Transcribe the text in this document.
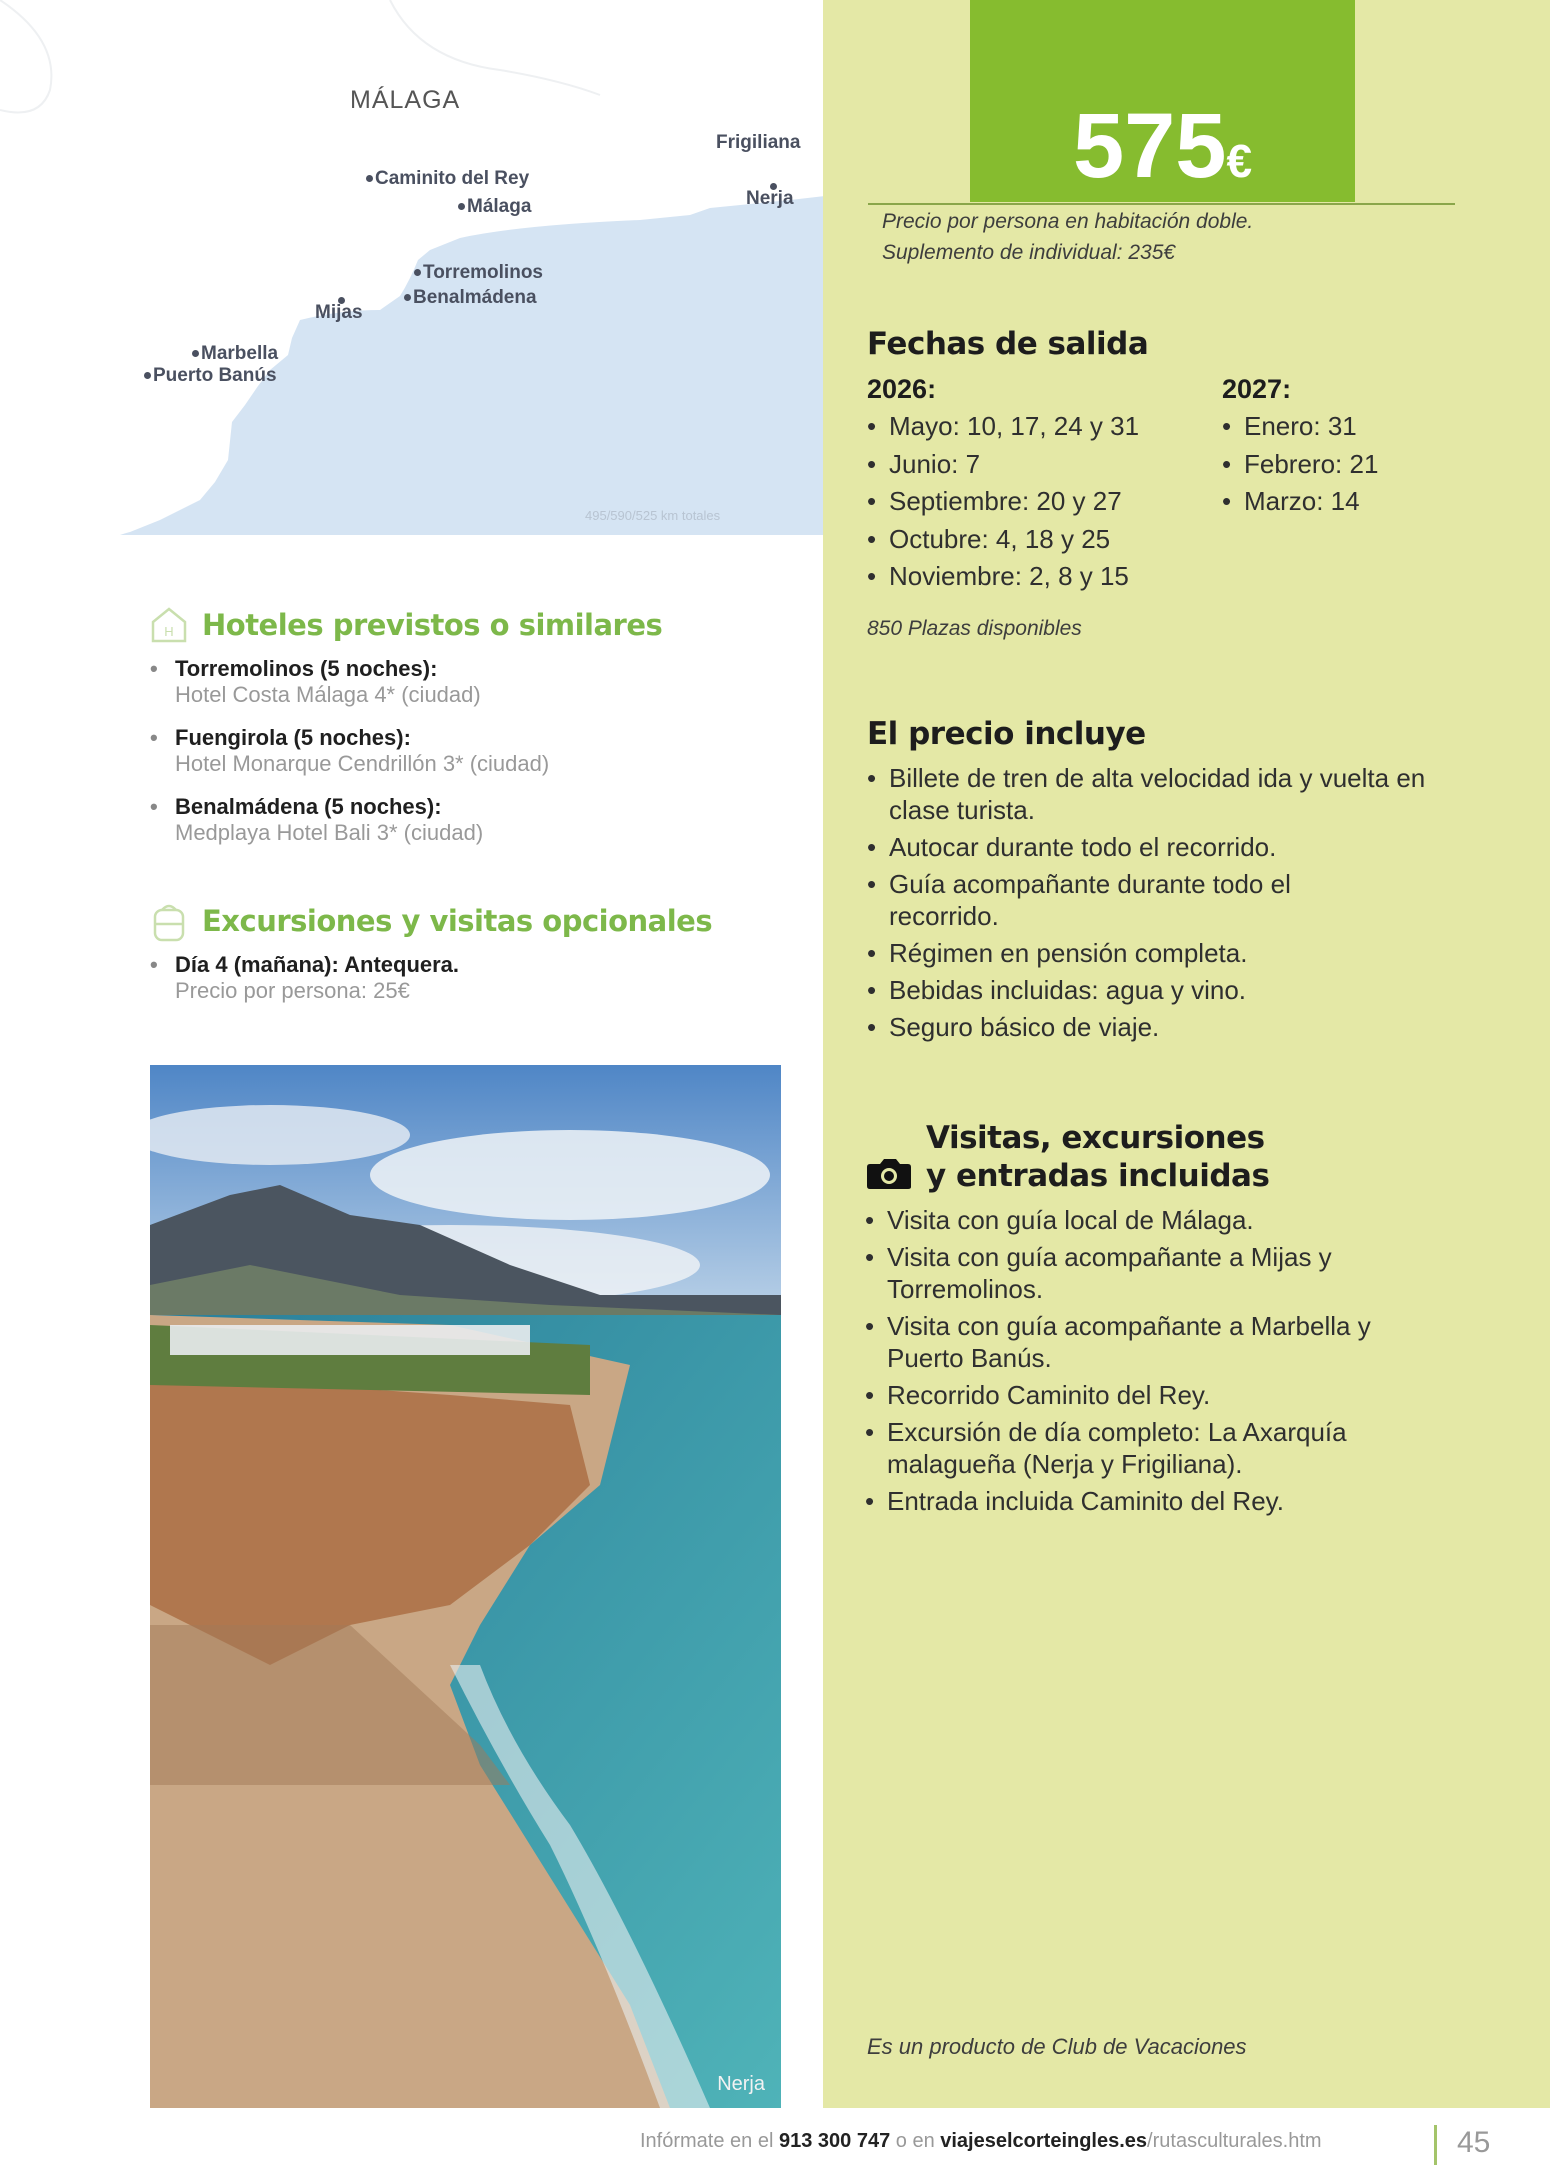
MÁLAGA
Frigiliana
Caminito del Rey
Nerja
Málaga
Torremolinos
Benalmádena
Mijas
Marbella
Puerto Banús
495/590/525 km totales
575€
Precio por persona en habitación doble.
Suplemento de individual: 235€
Fechas de salida
2026:
• Mayo: 10, 17, 24 y 31
• Junio: 7
• Septiembre: 20 y 27
• Octubre: 4, 18 y 25
• Noviembre: 2, 8 y 15
2027:
• Enero: 31
• Febrero: 21
• Marzo: 14
850 Plazas disponibles
El precio incluye
• Billete de tren de alta velocidad ida y vuelta en clase turista.
• Autocar durante todo el recorrido.
• Guía acompañante durante todo el recorrido.
• Régimen en pensión completa.
• Bebidas incluidas: agua y vino.
• Seguro básico de viaje.
Visitas, excursiones
y entradas incluidas
• Visita con guía local de Málaga.
• Visita con guía acompañante a Mijas y Torremolinos.
• Visita con guía acompañante a Marbella y Puerto Banús.
• Recorrido Caminito del Rey.
• Excursión de día completo: La Axarquía malagueña (Nerja y Frigiliana).
• Entrada incluida Caminito del Rey.
Es un producto de Club de Vacaciones
H Hoteles previstos o similares
• Torremolinos (5 noches):
Hotel Costa Málaga 4* (ciudad)
• Fuengirola (5 noches):
Hotel Monarque Cendrillón 3* (ciudad)
• Benalmádena (5 noches):
Medplaya Hotel Bali 3* (ciudad)
Excursiones y visitas opcionales
• Día 4 (mañana): Antequera.
Precio por persona: 25€
Nerja
Infórmate en el 913 300 747 o en viajeselcorteingles.es/rutasculturales.htm	45
